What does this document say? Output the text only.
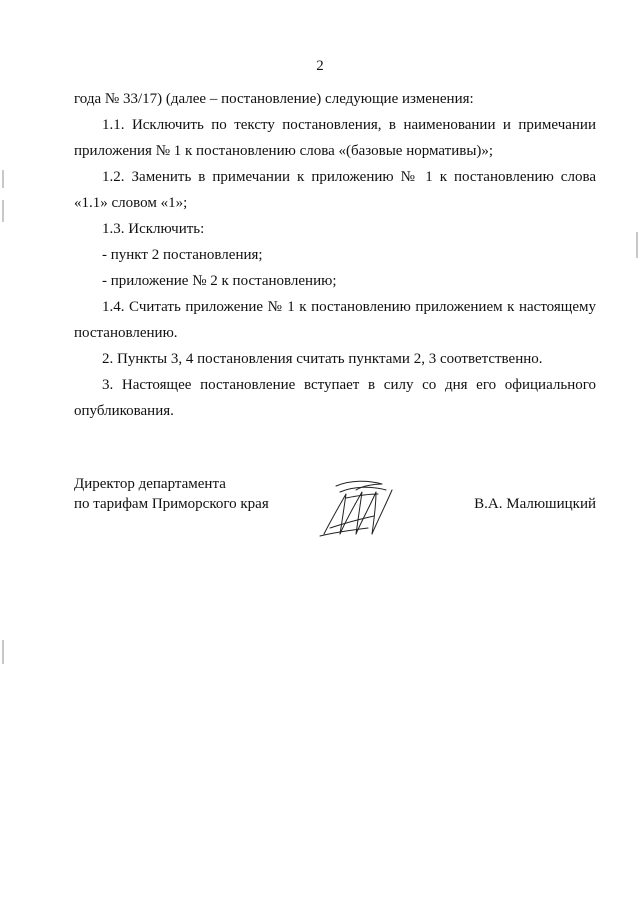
2

года № 33/17) (далее – постановление) следующие изменения:

1.1. Исключить по тексту постановления, в наименовании и примечании приложения № 1 к постановлению слова «(базовые нормативы)»;

1.2. Заменить в примечании к приложению № 1 к постановлению слова «1.1» словом «1»;

1.3. Исключить:

- пункт 2 постановления;

- приложение № 2 к постановлению;

1.4. Считать приложение № 1 к постановлению приложением к настоящему постановлению.

2. Пункты 3, 4 постановления считать пунктами 2, 3 соответственно.

3. Настоящее постановление вступает в силу со дня его официального опубликования.

Директор департамента
по тарифам Приморского края	В.А. Малюшицкий
